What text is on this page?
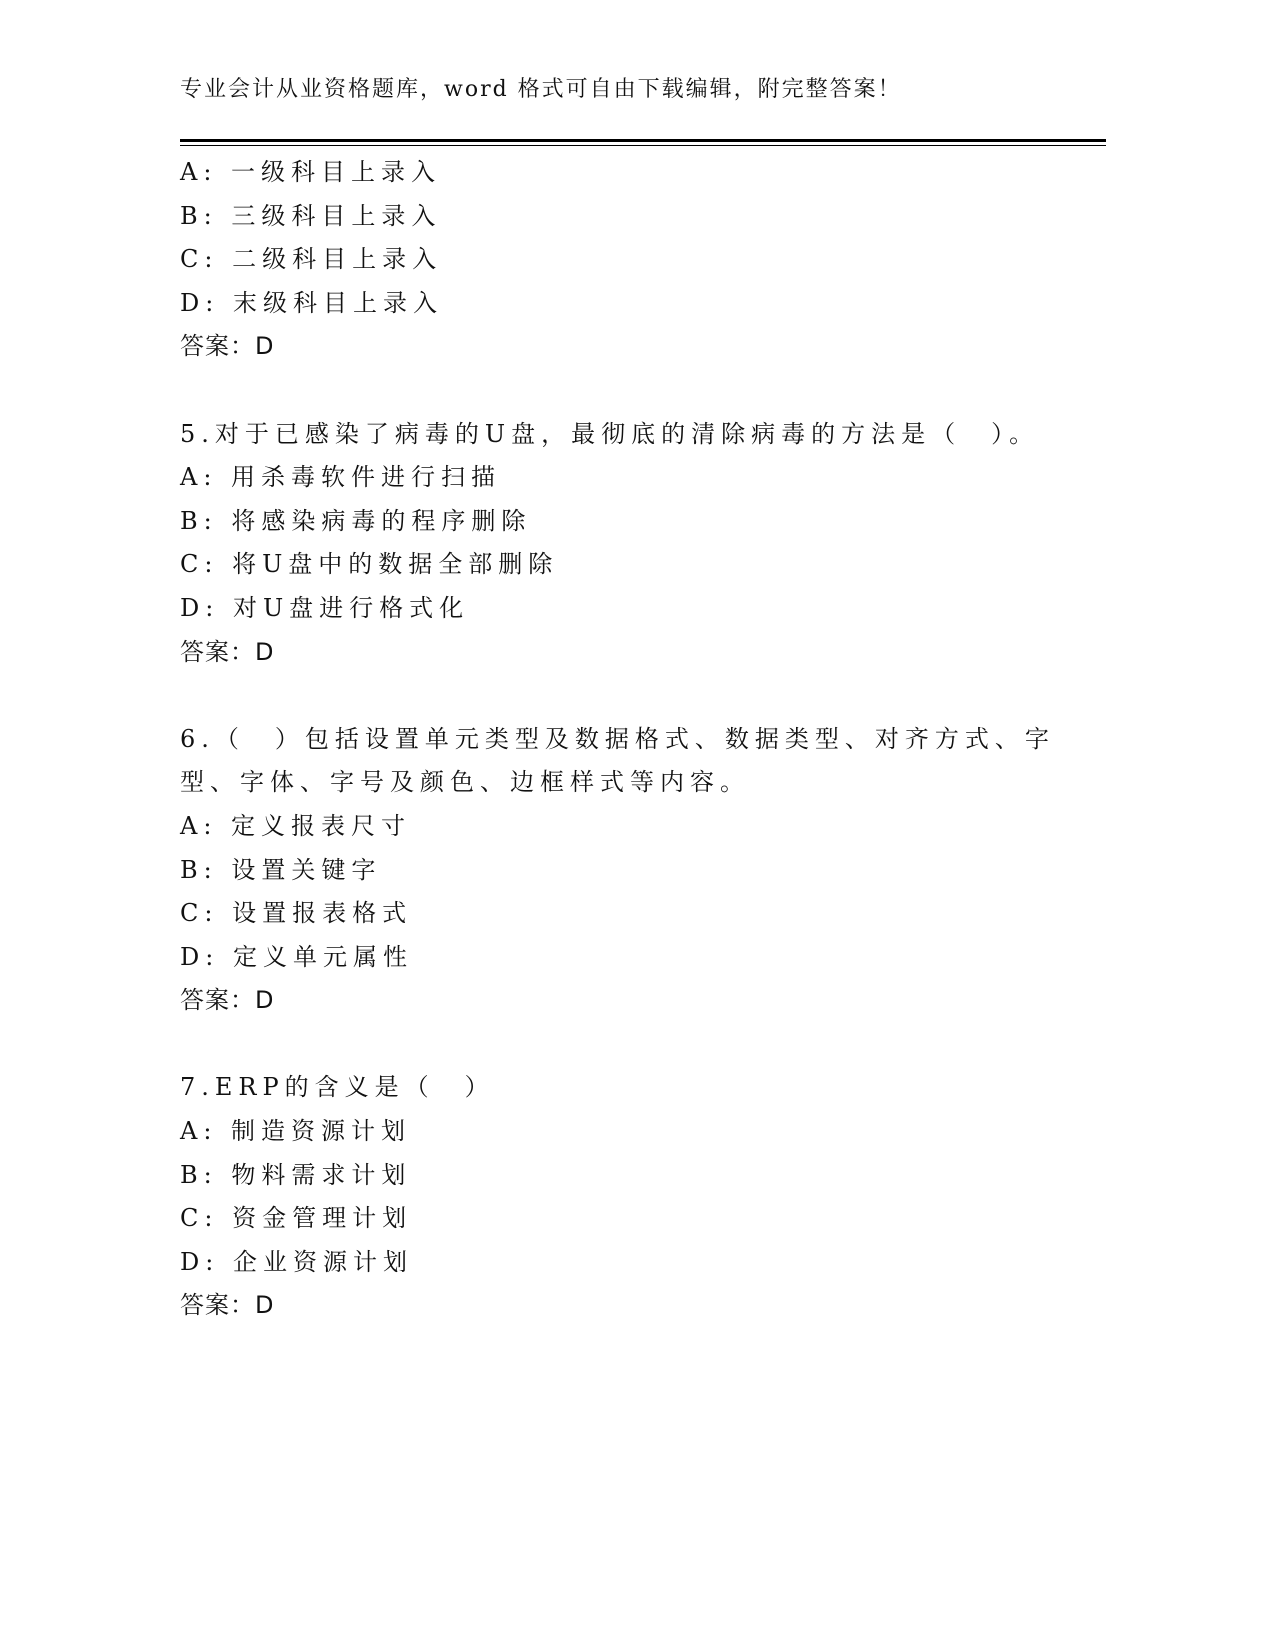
专业会计从业资格题库，word 格式可自由下载编辑，附完整答案！
A: 一级科目上录入
B: 三级科目上录入
C: 二级科目上录入
D: 末级科目上录入
答案：D
5.对于已感染了病毒的U盘，最彻底的清除病毒的方法是（　）。
A: 用杀毒软件进行扫描
B: 将感染病毒的程序删除
C: 将U盘中的数据全部删除
D: 对U盘进行格式化
答案：D
6.（　）包括设置单元类型及数据格式、数据类型、对齐方式、字型、字体、字号及颜色、边框样式等内容。
A: 定义报表尺寸
B: 设置关键字
C: 设置报表格式
D: 定义单元属性
答案：D
7.ERP的含义是（　）
A: 制造资源计划
B: 物料需求计划
C: 资金管理计划
D: 企业资源计划
答案：D
